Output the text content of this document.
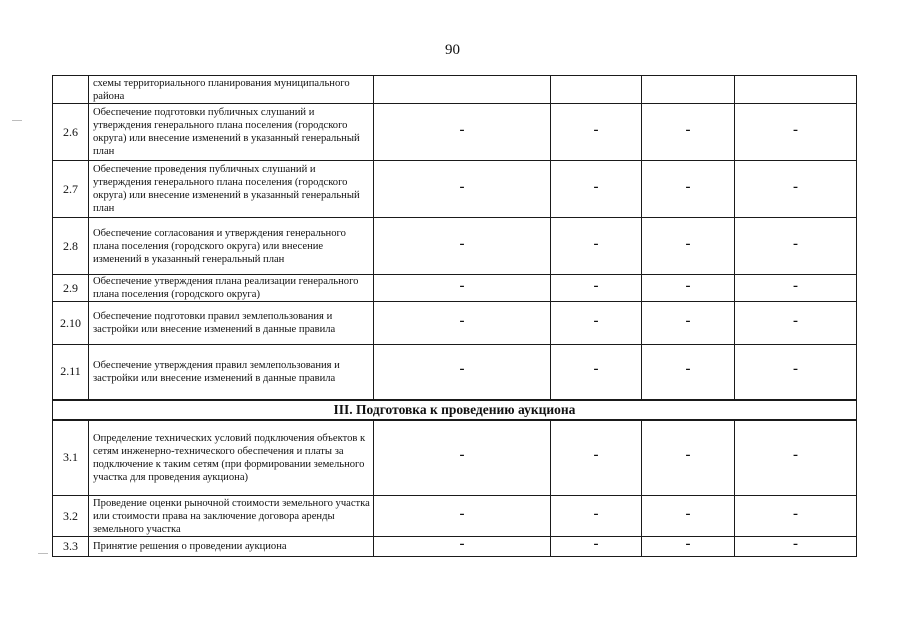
90
	схемы территориального планирования муниципального района				
2.6	Обеспечение подготовки публичных слушаний и утверждения генерального плана поселения (городского округа) или внесение изменений в указанный генеральный план	-	-	-	-
2.7	Обеспечение проведения публичных слушаний и утверждения генерального плана поселения (городского округа) или внесение изменений в указанный генеральный план	-	-	-	-
2.8	Обеспечение согласования и утверждения генерального плана поселения (городского округа) или внесение изменений в указанный генеральный план	-	-	-	-
2.9	Обеспечение утверждения плана реализации генерального плана поселения (городского округа)	-	-	-	-
2.10	Обеспечение подготовки правил землепользования и застройки или внесение изменений в данные правила	-	-	-	-
2.11	Обеспечение утверждения правил землепользования и застройки или внесение изменений в данные правила	-	-	-	-
III. Подготовка к проведению аукциона					
3.1	Определение технических условий подключения объектов к сетям инженерно-технического обеспечения и платы за подключение к таким сетям (при формировании земельного участка для проведения аукциона)	-	-	-	-
3.2	Проведение оценки рыночной стоимости земельного участка или стоимости права на заключение договора аренды земельного участка	-	-	-	-
3.3	Принятие решения о проведении аукциона	-	-	-	-
